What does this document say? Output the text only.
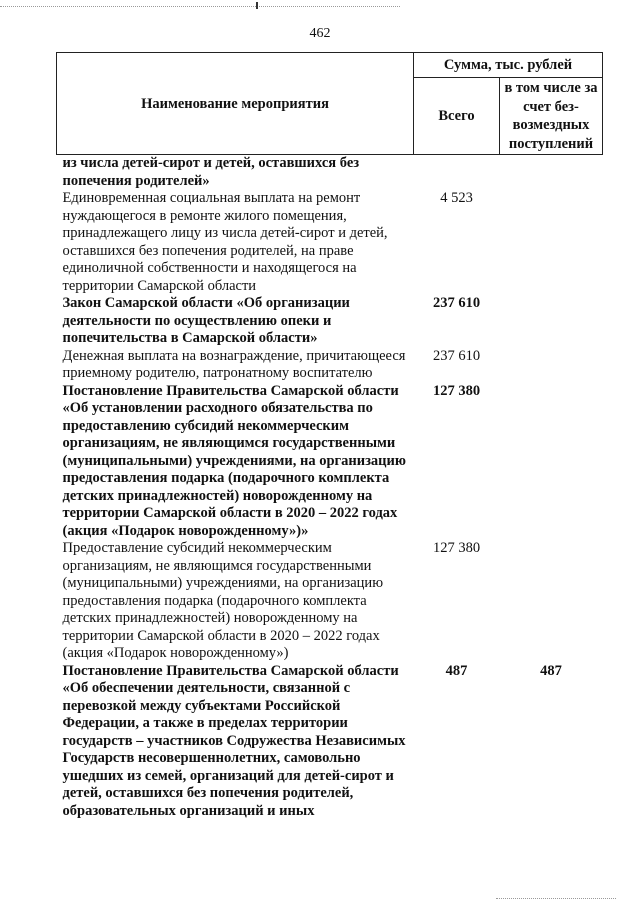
462
Наименование мероприятия	Сумма, тыс. рублей	
	Всего	в том числе за счет без- возмездных поступлений
из числа детей-сирот и детей, оставшихся без попечения родителей»		
Единовременная социальная выплата на ремонт нуждающегося в ремонте жилого помещения, принадлежащего лицу из числа детей-сирот и детей, оставшихся без попечения родителей, на праве единоличной собственности и находящегося на территории Самарской области	4 523	
Закон Самарской области «Об организации деятельности по осуществлению опеки и попечительства в Самарской области»	237 610	
Денежная выплата на вознаграждение, причитающееся приемному родителю, патронатному воспитателю	237 610	
Постановление Правительства Самарской области «Об установлении расходного обязательства по предоставлению субсидий некоммерческим организациям, не являющимся государственными (муниципальными) учреждениями, на организацию предоставления подарка (подарочного комплекта детских принадлежностей) новорожденному на территории Самарской области в 2020 – 2022 годах (акция «Подарок новорожденному»)»	127 380	
Предоставление субсидий некоммерческим организациям, не являющимся государственными (муниципальными) учреждениями, на организацию предоставления подарка (подарочного комплекта детских принадлежностей) новорожденному на территории Самарской области в 2020 – 2022 годах (акция «Подарок новорожденному»)	127 380	
Постановление Правительства Самарской области «Об обеспечении деятельности, связанной с перевозкой между субъектами Российской Федерации, а также в пределах территории государств – участников Содружества Независимых Государств несовершеннолетних, самовольно ушедших из семей, организаций для детей-сирот и детей, оставшихся без попечения родителей, образовательных организаций и иных	487	487
